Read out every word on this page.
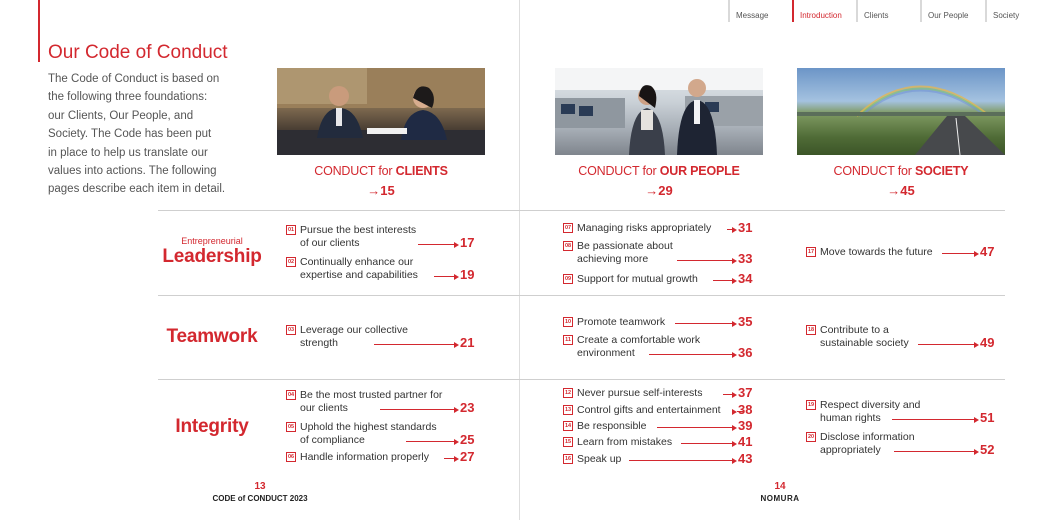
Message	Introduction	Clients	Our People	Society
Our Code of Conduct
The Code of Conduct is based on
the following three foundations:
our Clients, Our People, and
Society. The Code has been put
in place to help us translate our
values into actions. The following
pages describe each item in detail.
CONDUCT for CLIENTS
→15
CONDUCT for OUR PEOPLE
→29
CONDUCT for SOCIETY
→45
Entrepreneurial
Leadership
Teamwork
Integrity
01 Pursue the best interests
of our clients	17
02 Continually enhance our
expertise and capabilities	19
03 Leverage our collective
strength	21
04 Be the most trusted partner for
our clients	23
05 Uphold the highest standards
of compliance	25
06 Handle information properly 27
07 Managing risks appropriately 31
08 Be passionate about
achieving more	33
09 Support for mutual growth	34
10 Promote teamwork	35
11 Create a comfortable work
environment	36
12 Never pursue self-interests	37
13 Control gifts and entertainment 38
14 Be responsible	39
15 Learn from mistakes	41
16 Speak up	43
17 Move towards the future	47
18 Contribute to a
sustainable society	49
19 Respect diversity and
human rights	51
20 Disclose information
appropriately	52
13
CODE of CONDUCT 2023
14
NOMURA
